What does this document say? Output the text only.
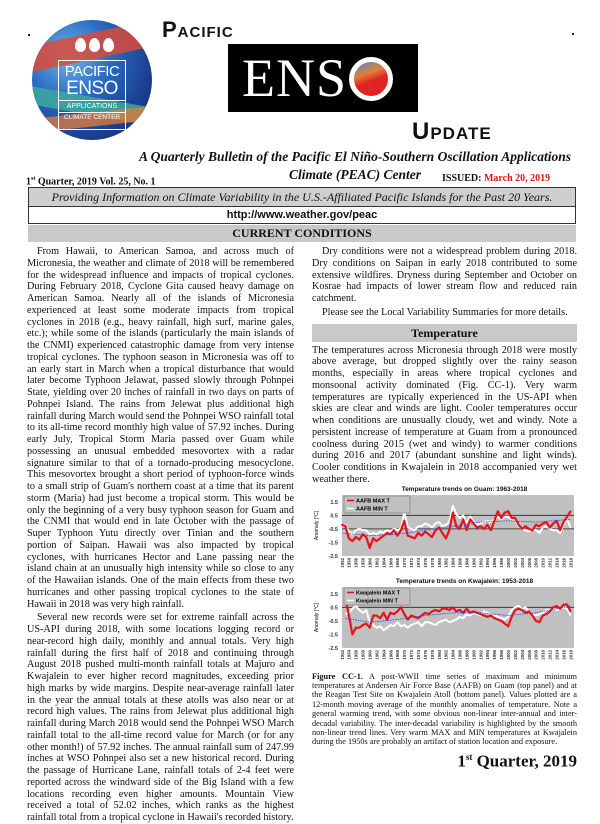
PACIFIC
ENSO
APPLICATIONS
CLIMATE CENTER
Pacific
ENS
Update
A Quarterly Bulletin of the Pacific El Niño-Southern Oscillation Applications Climate (PEAC) Center
1st Quarter, 2019 Vol. 25, No. 1	ISSUED: March 20, 2019
Providing Information on Climate Variability in the U.S.-Affiliated Pacific Islands for the Past 20 Years.
http://www.weather.gov/peac
CURRENT CONDITIONS

From Hawaii, to American Samoa, and across much of Micronesia, the weather and climate of 2018 will be remembered for the widespread influence and impacts of tropical cyclones. During February 2018, Cyclone Gita caused heavy damage on American Samoa. Nearly all of the islands of Micronesia experienced at least some moderate impacts from tropical cyclones in 2018 (e.g., heavy rainfall, high surf, marine gales, etc.); while some of the islands (particularly the main islands of the CNMI) experienced catastrophic damage from very intense tropical cyclones. The typhoon season in Micronesia was off to an early start in March when a tropical disturbance that would later become Typhoon Jelawat, passed slowly through Pohnpei State, yielding over 20 inches of rainfall in two days on parts of Pohnpei Island. The rains from Jelewat plus additional high rainfall during March would send the Pohnpei WSO rainfall total to its all-time record monthly high value of 57.92 inches. During early July, Tropical Storm Maria passed over Guam while possessing an unusual embedded mesovortex with a radar signature similar to that of a tornado-producing mesocyclone. This mesovortex brought a short period of typhoon-force winds to a small strip of Guam's northern coast at a time that its parent storm (Maria) had just become a tropical storm. This would be only the beginning of a very busy typhoon season for Guam and the CNMI that would end in late October with the passage of Super Typhoon Yutu directly over Tinian and the southern portion of Saipan. Hawaii was also impacted by tropical cyclones, with hurricanes Hector and Lane passing near the island chain at an unusually high intensity while so close to any of the Hawaiian islands. One of the main effects from these two hurricanes and other passing tropical cyclones to the state of Hawaii in 2018 was very high rainfall.

Several new records were set for extreme rainfall across the US-API during 2018, with some locations logging record or near-record high daily, monthly and annual totals. Very high rainfall during the first half of 2018 and continuing through August 2018 pushed multi-month rainfall totals at Majuro and Kwajalein to ever higher record magnitudes, exceeding prior high marks by wide margins. Despite near-average rainfall later in the year the annual totals at these atolls was also near or at record high values. The rains from Jelewat plus additional high rainfall during March 2018 would send the Pohnpei WSO March rainfall total to the all-time record value for March (or for any other month!) of 57.92 inches. The annual rainfall sum of 247.99 inches at WSO Pohnpei also set a new historical record. During the passage of Hurricane Lane, rainfall totals of 2-4 feet were reported across the windward side of the Big Island with a few locations recording even higher amounts. Mountain View received a total of 52.02 inches, which ranks as the highest rainfall total from a tropical cyclone in Hawaii's recorded history.

Dry conditions were not a widespread problem during 2018. Dry conditions on Saipan in early 2018 contributed to some extensive wildfires. Dryness during September and October on Kosrae had impacts of lower stream flow and reduced rain catchment.

Please see the Local Variability Summaries for more details.

Temperature

The temperatures across Micronesia through 2018 were mostly above average, but dropped slightly over the rainy season months, especially in areas where tropical cyclones and monsoonal activity dominated (Fig. CC-1). Very warm temperatures are typically experienced in the US-API when skies are clear and winds are light. Cooler temperatures occur when conditions are unusually cloudy, wet and windy. Note a persistent increase of temperature at Guam from a pronounced coolness during 2015 (wet and windy) to warmer conditions during 2016 and 2017 (abundant sunshine and light winds). Cooler conditions in Kwajalein in 2018 accompanied very wet weather there.

Temperature trends on Guam: 1963-2018
Anomaly [°C]
1.5
0.5
-0.5
-1.5
-2.5
1952 1954 1956 1958 1960 1962 1964 1966 1968 1970 1972 1974 1976 1978 1980 1982 1984 1986 1988 1990 1992 1994 1996 1998 2000 2002 2004 2006 2008 2010 2012 2014 2016 2018
AAFB MAX T
AAFB MIN T
Temperature trends on Kwajalein: 1953-2018
Anomaly [°C]
1.5
0.5
-0.5
-1.5
-2.5
1952 1954 1956 1958 1960 1962 1964 1966 1968 1970 1972 1974 1976 1978 1980 1982 1984 1986 1988 1990 1992 1994 1996 1998 2000 2002 2004 2006 2008 2010 2012 2014 2016 2018
Kwajalein MAX T
Kwajalein MIN T
Figure CC-1. A post-WWII time series of maximum and minimum temperatures at Andersen Air Force Base (AAFB) on Guam (top panel) and at the Reagan Test Site on Kwajalein Atoll (bottom panel). Values plotted are a 12-month moving average of the monthly anomalies of temperature. Note a general warming trend, with some obvious non-linear inter-annual and inter-decadal variability. The inter-decadal variability is highlighted by the smooth non-linear trend lines. Very warm MAX and MIN temperatures at Kwajalein during the 1950s are probably an artifact of station location and exposure.
1st Quarter, 2019
